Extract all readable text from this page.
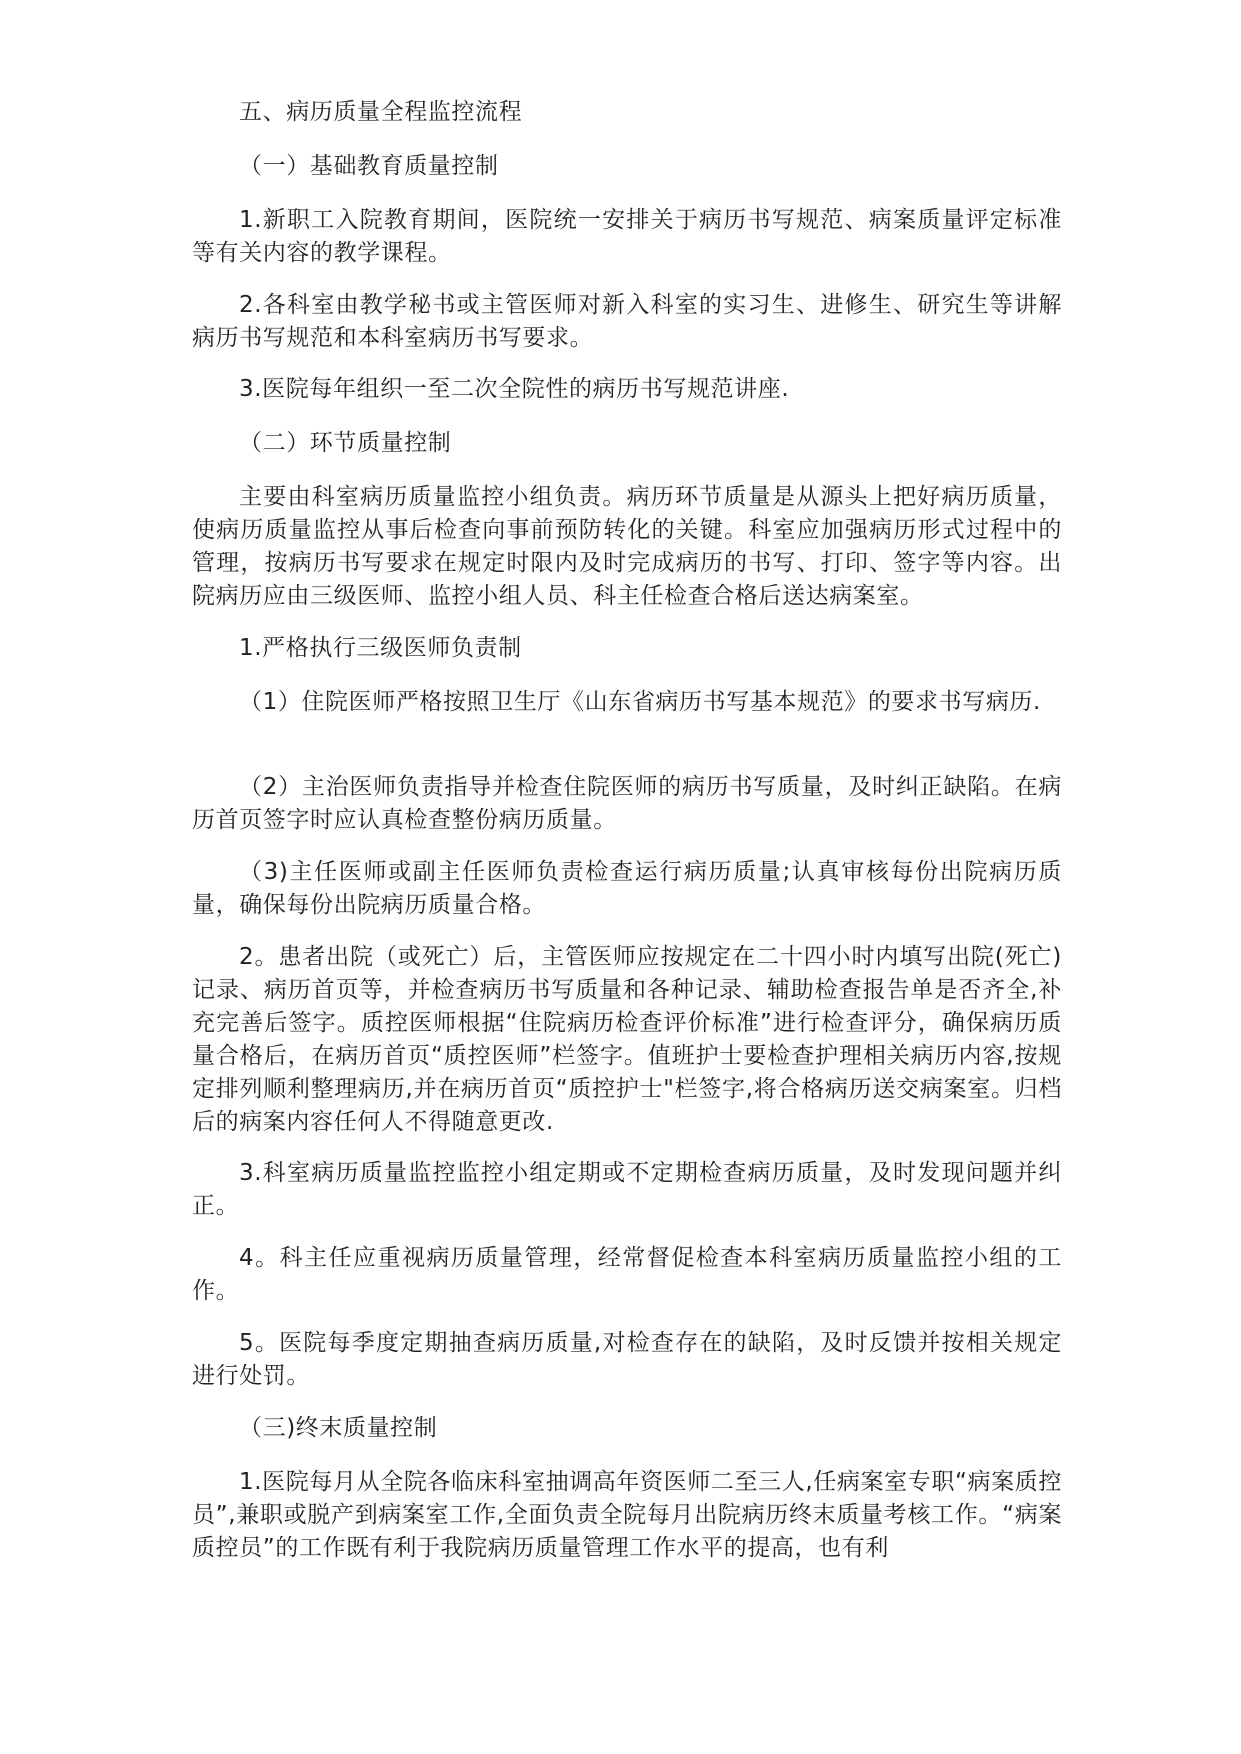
五、病历质量全程监控流程

（一）基础教育质量控制

1.新职工入院教育期间，医院统一安排关于病历书写规范、病案质量评定标准等有关内容的教学课程。

2.各科室由教学秘书或主管医师对新入科室的实习生、进修生、研究生等讲解病历书写规范和本科室病历书写要求。

3.医院每年组织一至二次全院性的病历书写规范讲座.

（二）环节质量控制

主要由科室病历质量监控小组负责。病历环节质量是从源头上把好病历质量，使病历质量监控从事后检查向事前预防转化的关键。科室应加强病历形式过程中的管理，按病历书写要求在规定时限内及时完成病历的书写、打印、签字等内容。出院病历应由三级医师、监控小组人员、科主任检查合格后送达病案室。

1.严格执行三级医师负责制

（1）住院医师严格按照卫生厅《山东省病历书写基本规范》的要求书写病历.

（2）主治医师负责指导并检查住院医师的病历书写质量，及时纠正缺陷。在病历首页签字时应认真检查整份病历质量。

（3)主任医师或副主任医师负责检查运行病历质量;认真审核每份出院病历质量，确保每份出院病历质量合格。

2。患者出院（或死亡）后，主管医师应按规定在二十四小时内填写出院(死亡)记录、病历首页等，并检查病历书写质量和各种记录、辅助检查报告单是否齐全,补充完善后签字。质控医师根据“住院病历检查评价标准”进行检查评分，确保病历质量合格后，在病历首页“质控医师”栏签字。值班护士要检查护理相关病历内容,按规定排列顺利整理病历,并在病历首页“质控护士"栏签字,将合格病历送交病案室。归档后的病案内容任何人不得随意更改.

3.科室病历质量监控监控小组定期或不定期检查病历质量，及时发现问题并纠正。

4。科主任应重视病历质量管理，经常督促检查本科室病历质量监控小组的工作。

5。医院每季度定期抽查病历质量,对检查存在的缺陷，及时反馈并按相关规定进行处罚。

（三)终末质量控制

1.医院每月从全院各临床科室抽调高年资医师二至三人,任病案室专职“病案质控员”,兼职或脱产到病案室工作,全面负责全院每月出院病历终末质量考核工作。“病案质控员”的工作既有利于我院病历质量管理工作水平的提高，也有利
